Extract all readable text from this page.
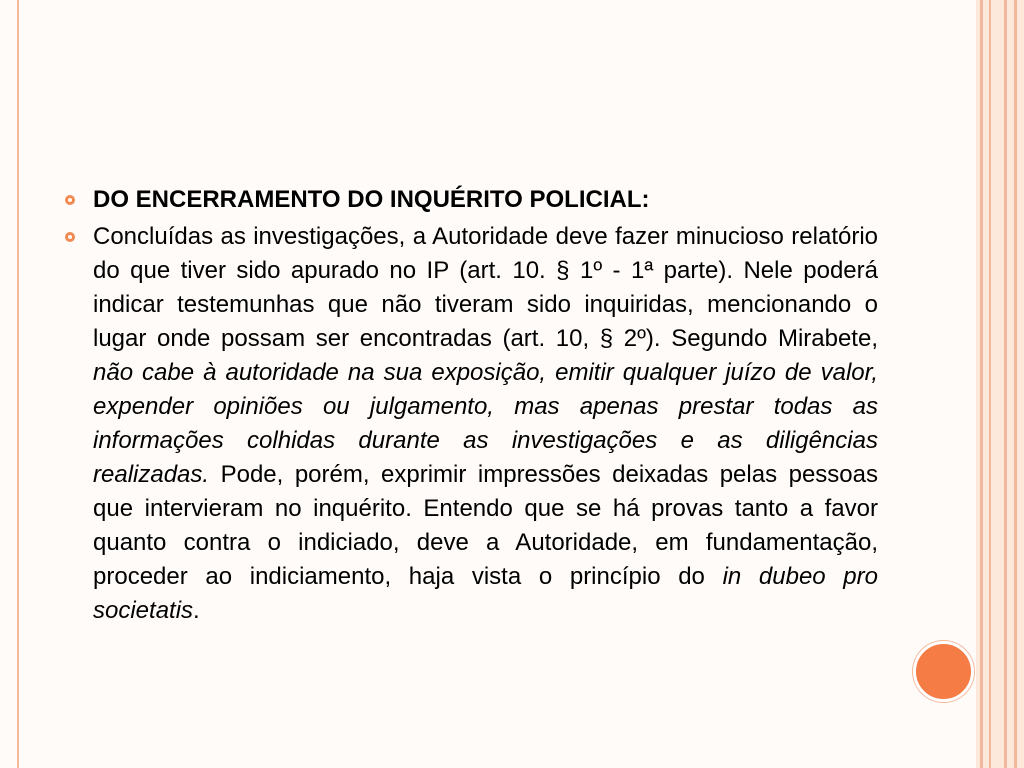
DO ENCERRAMENTO DO INQUÉRITO POLICIAL:
Concluídas as investigações, a Autoridade deve fazer minucioso relatório do que tiver sido apurado no IP (art. 10. § 1º - 1ª parte). Nele poderá indicar testemunhas que não tiveram sido inquiridas, mencionando o lugar onde possam ser encontradas (art. 10, § 2º). Segundo Mirabete, não cabe à autoridade na sua exposição, emitir qualquer juízo de valor, expender opiniões ou julgamento, mas apenas prestar todas as informações colhidas durante as investigações e as diligências realizadas. Pode, porém, exprimir impressões deixadas pelas pessoas que intervieram no inquérito. Entendo que se há provas tanto a favor quanto contra o indiciado, deve a Autoridade, em fundamentação, proceder ao indiciamento, haja vista o princípio do in dubeo pro societatis.
